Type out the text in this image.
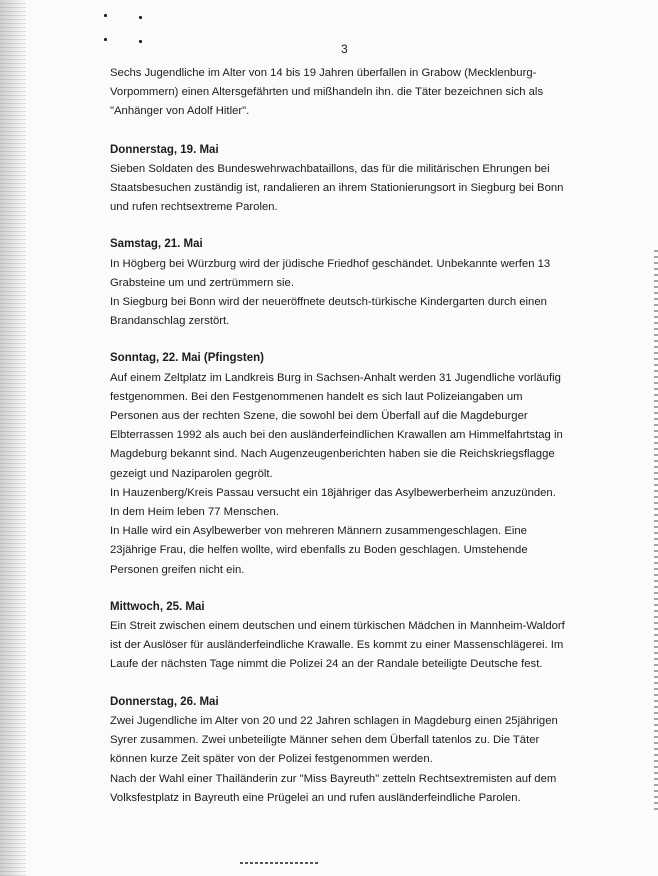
3

Sechs Jugendliche im Alter von 14 bis 19 Jahren überfallen in Grabow (Mecklenburg-
Vorpommern) einen Altersgefährten und mißhandeln ihn. die Täter bezeichnen sich als
"Anhänger von Adolf Hitler".

Donnerstag, 19. Mai

Sieben Soldaten des Bundeswehrwachbataillons, das für die militärischen Ehrungen bei
Staatsbesuchen zuständig ist, randalieren an ihrem Stationierungsort in Siegburg bei Bonn
und rufen rechtsextreme Parolen.

Samstag, 21. Mai

In Högberg bei Würzburg wird der jüdische Friedhof geschändet. Unbekannte werfen 13
Grabsteine um und zertrümmern sie.
In Siegburg bei Bonn wird der neueröffnete deutsch-türkische Kindergarten durch einen
Brandanschlag zerstört.

Sonntag, 22. Mai (Pfingsten)

Auf einem Zeltplatz im Landkreis Burg in Sachsen-Anhalt werden 31 Jugendliche vorläufig
festgenommen. Bei den Festgenommenen handelt es sich laut Polizeiangaben um
Personen aus der rechten Szene, die sowohl bei dem Überfall auf die Magdeburger
Elbterrassen 1992 als auch bei den ausländerfeindlichen Krawallen am Himmelfahrtstag in
Magdeburg bekannt sind. Nach Augenzeugenberichten haben sie die Reichskriegsflagge
gezeigt und Naziparolen gegrölt.
In Hauzenberg/Kreis Passau versucht ein 18jähriger das Asylbewerberheim anzuzünden.
In dem Heim leben 77 Menschen.
In Halle wird ein Asylbewerber von mehreren Männern zusammengeschlagen. Eine
23jährige Frau, die helfen wollte, wird ebenfalls zu Boden geschlagen. Umstehende
Personen greifen nicht ein.

Mittwoch, 25. Mai

Ein Streit zwischen einem deutschen und einem türkischen Mädchen in Mannheim-Waldorf
ist der Auslöser für ausländerfeindliche Krawalle. Es kommt zu einer Massenschlägerei. Im
Laufe der nächsten Tage nimmt die Polizei 24 an der Randale beteiligte Deutsche fest.

Donnerstag, 26. Mai

Zwei Jugendliche im Alter von 20 und 22 Jahren schlagen in Magdeburg einen 25jährigen
Syrer zusammen. Zwei unbeteiligte Männer sehen dem Überfall tatenlos zu. Die Täter
können kurze Zeit später von der Polizei festgenommen werden.
Nach der Wahl einer Thailänderin zur "Miss Bayreuth" zetteln Rechtsextremisten auf dem
Volksfestplatz in Bayreuth eine Prügelei an und rufen ausländerfeindliche Parolen.
